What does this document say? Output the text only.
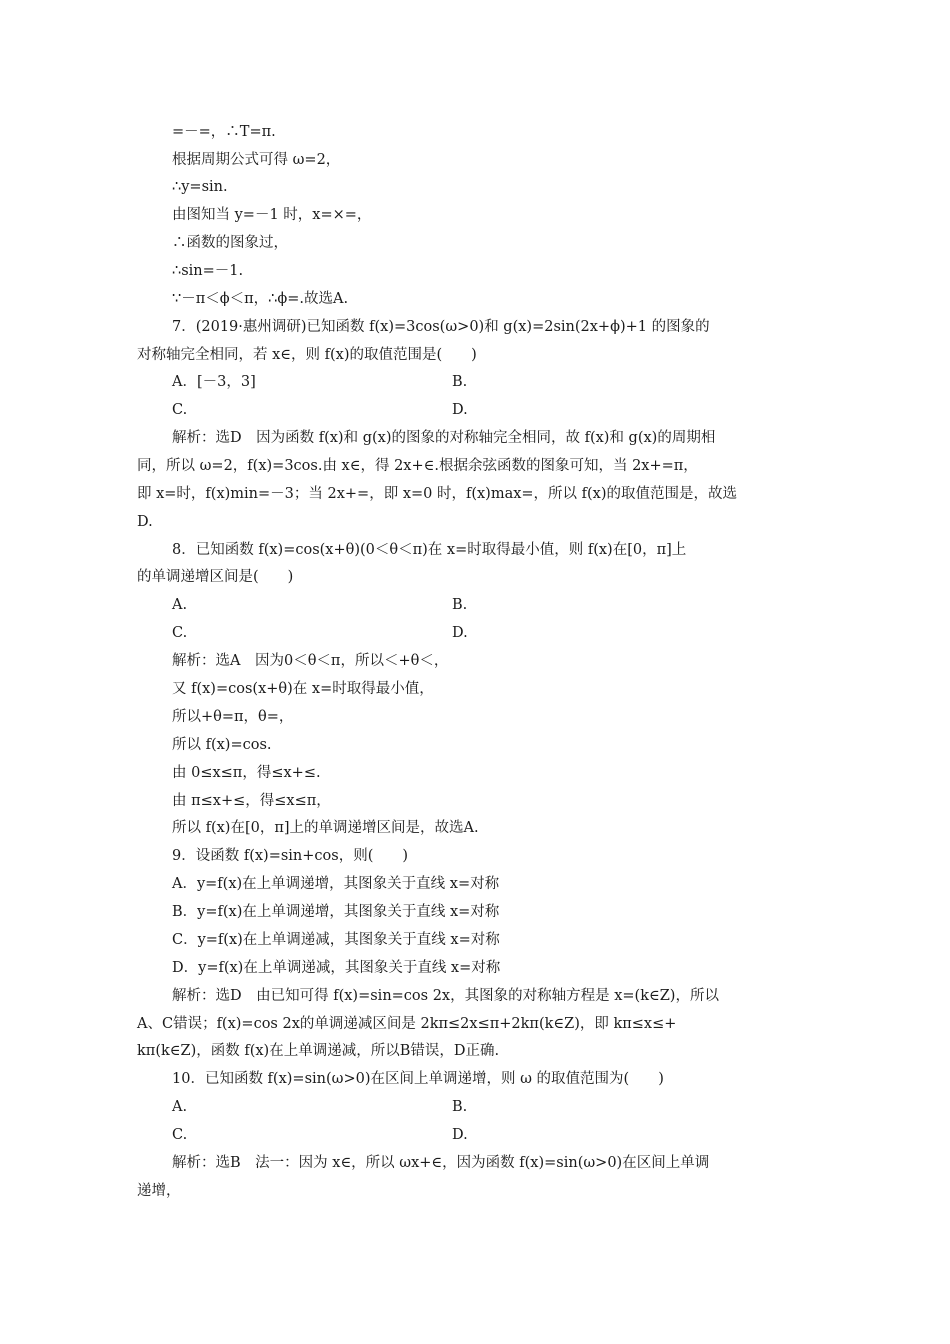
=－=，∴T=π.
根据周期公式可得 ω=2，
∴y=sin.
由图知当 y=－1 时，x=×=，
∴函数的图象过，
∴sin=－1.
∵－π＜ϕ＜π，∴ϕ=.故选A.
7．(2019·惠州调研)已知函数 f(x)=3cos(ω>0)和 g(x)=2sin(2x+ϕ)+1 的图象的
对称轴完全相同，若 x∈，则 f(x)的取值范围是(　　)
A．[－3，3]	B.
C.	D.
解析：选D　因为函数 f(x)和 g(x)的图象的对称轴完全相同，故 f(x)和 g(x)的周期相
同，所以 ω=2，f(x)=3cos.由 x∈，得 2x+∈.根据余弦函数的图象可知，当 2x+=π，
即 x=时，f(x)min=－3；当 2x+=，即 x=0 时，f(x)max=，所以 f(x)的取值范围是，故选
D.
8．已知函数 f(x)=cos(x+θ)(0＜θ＜π)在 x=时取得最小值，则 f(x)在[0，π]上
的单调递增区间是(　　)
A.	B.
C.	D.
解析：选A　因为0＜θ＜π，所以＜+θ＜，
又 f(x)=cos(x+θ)在 x=时取得最小值，
所以+θ=π，θ=，
所以 f(x)=cos.
由 0≤x≤π，得≤x+≤.
由 π≤x+≤，得≤x≤π，
所以 f(x)在[0，π]上的单调递增区间是，故选A.
9．设函数 f(x)=sin+cos，则(　　)
A．y=f(x)在上单调递增，其图象关于直线 x=对称
B．y=f(x)在上单调递增，其图象关于直线 x=对称
C．y=f(x)在上单调递减，其图象关于直线 x=对称
D．y=f(x)在上单调递减，其图象关于直线 x=对称
解析：选D　由已知可得 f(x)=sin=cos 2x，其图象的对称轴方程是 x=(k∈Z)，所以
A、C错误；f(x)=cos 2x的单调递减区间是 2kπ≤2x≤π+2kπ(k∈Z)，即 kπ≤x≤+
kπ(k∈Z)，函数 f(x)在上单调递减，所以B错误，D正确.
10．已知函数 f(x)=sin(ω>0)在区间上单调递增，则 ω 的取值范围为(　　)
A.	B.
C.	D.
解析：选B　法一：因为 x∈，所以 ωx+∈，因为函数 f(x)=sin(ω>0)在区间上单调
递增，
